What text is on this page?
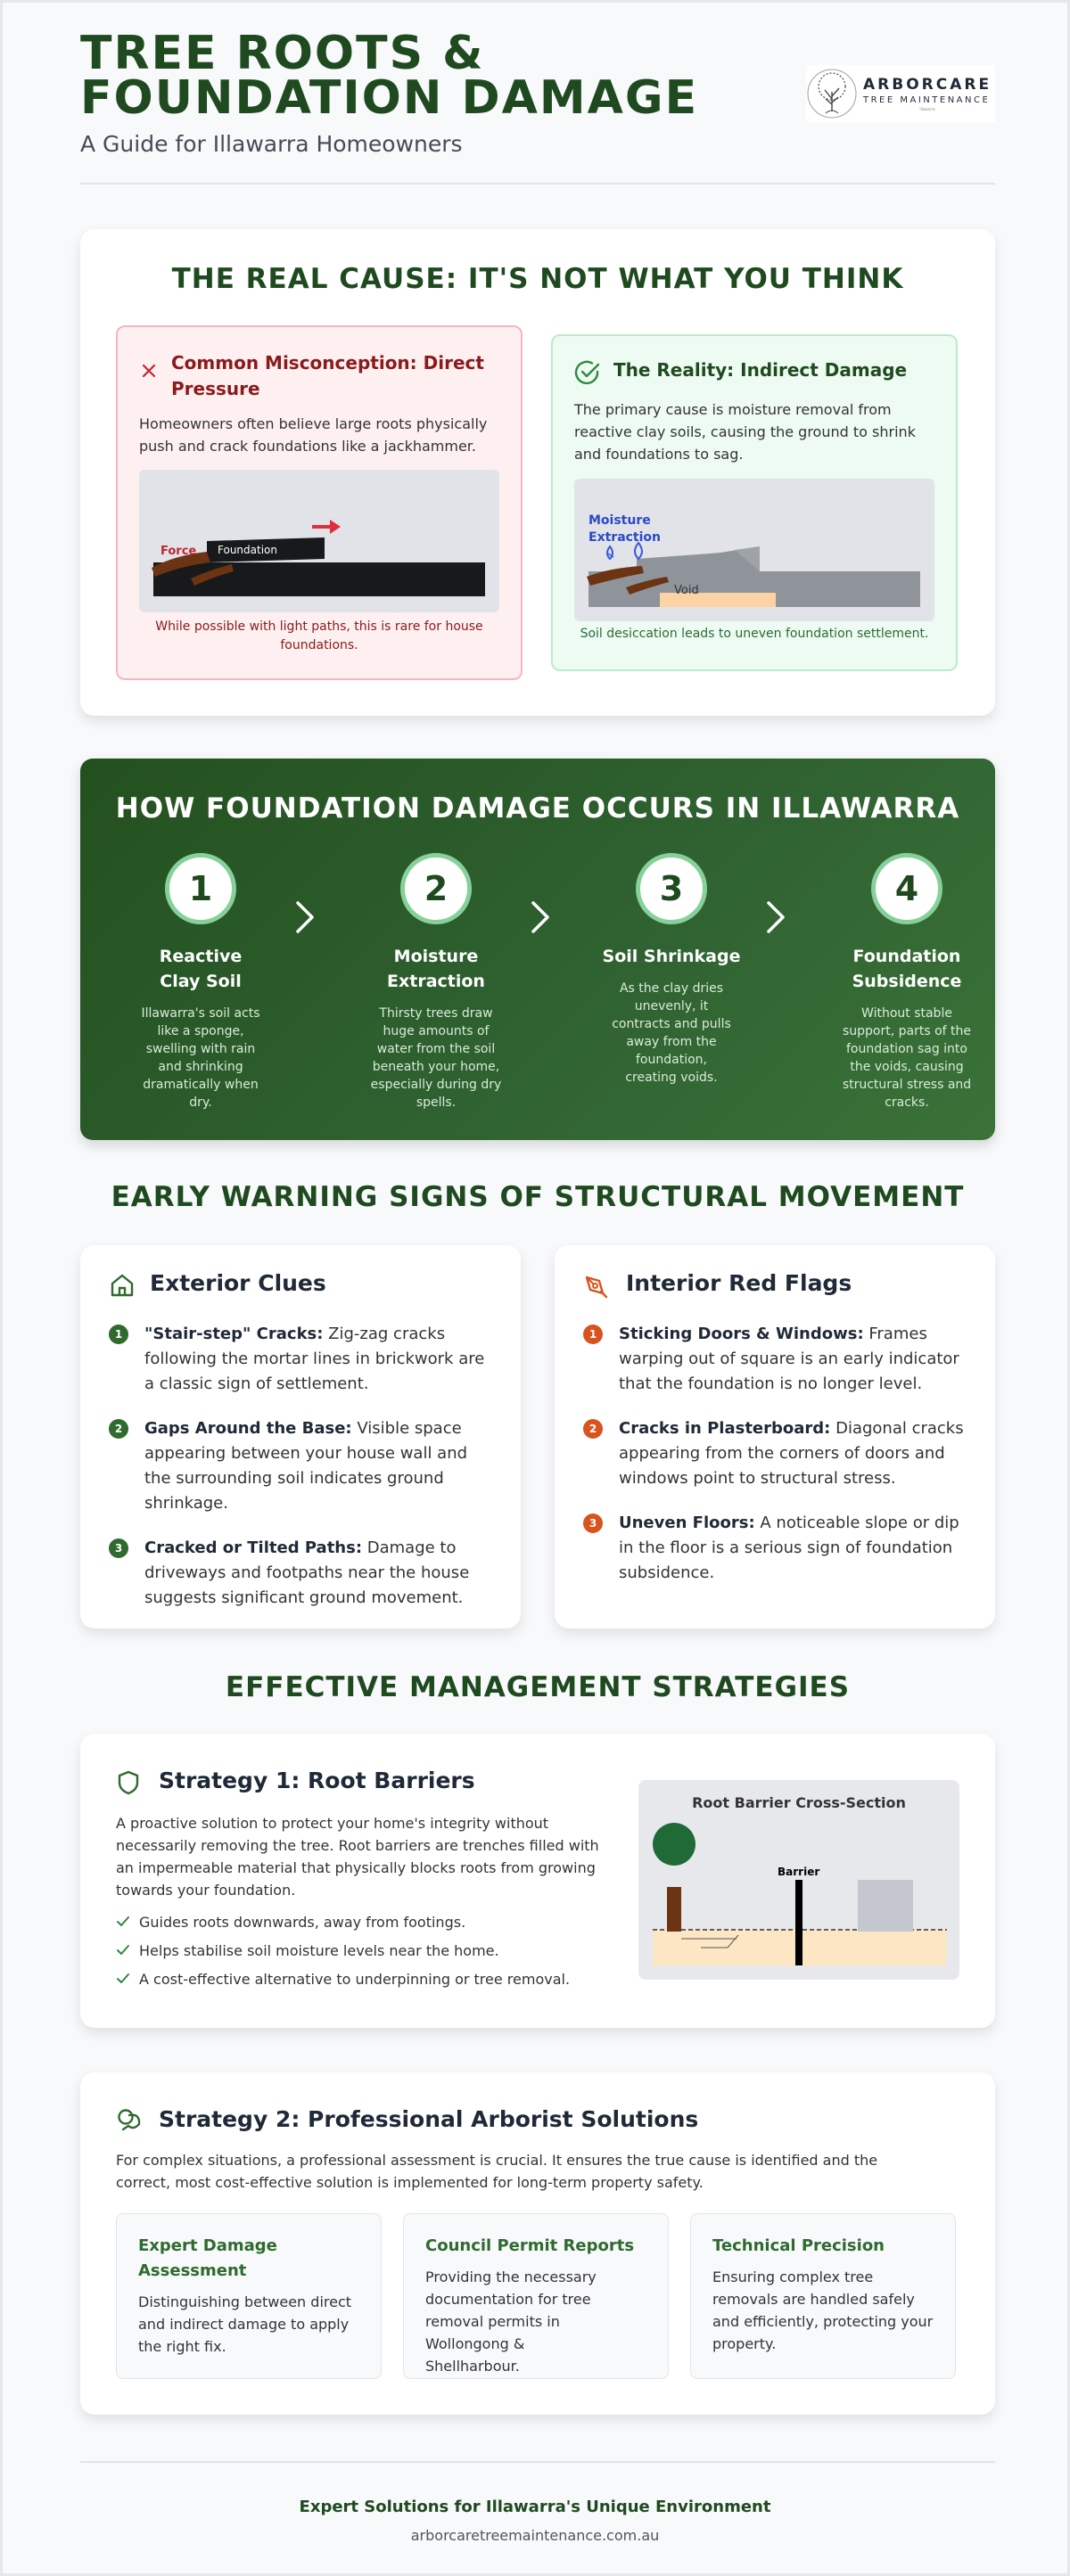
TREE ROOTS &
FOUNDATION DAMAGE
A Guide for Illawarra Homeowners
ARBORCARE
TREE MAINTENANCE
Illawarra
THE REAL CAUSE: IT'S NOT WHAT YOU THINK
Common Misconception: Direct Pressure
Homeowners often believe large roots physically push and crack foundations like a jackhammer.
Force Foundation
While possible with light paths, this is rare for house foundations.
The Reality: Indirect Damage
The primary cause is moisture removal from reactive clay soils, causing the ground to shrink and foundations to sag.
Moisture Extraction
Void
Soil desiccation leads to uneven foundation settlement.
HOW FOUNDATION DAMAGE OCCURS IN ILLAWARRA
1
Reactive Clay Soil
Illawarra's soil acts like a sponge, swelling with rain and shrinking dramatically when dry.
2
Moisture Extraction
Thirsty trees draw huge amounts of water from the soil beneath your home, especially during dry spells.
3
Soil Shrinkage
As the clay dries unevenly, it contracts and pulls away from the foundation, creating voids.
4
Foundation Subsidence
Without stable support, parts of the foundation sag into the voids, causing structural stress and cracks.
EARLY WARNING SIGNS OF STRUCTURAL MOVEMENT
Exterior Clues
1	"Stair-step" Cracks: Zig-zag cracks following the mortar lines in brickwork are a classic sign of settlement.
2	Gaps Around the Base: Visible space appearing between your house wall and the surrounding soil indicates ground shrinkage.
3	Cracked or Tilted Paths: Damage to driveways and footpaths near the house suggests significant ground movement.
Interior Red Flags
1	Sticking Doors & Windows: Frames warping out of square is an early indicator that the foundation is no longer level.
2	Cracks in Plasterboard: Diagonal cracks appearing from the corners of doors and windows point to structural stress.
3	Uneven Floors: A noticeable slope or dip in the floor is a serious sign of foundation subsidence.
EFFECTIVE MANAGEMENT STRATEGIES
Strategy 1: Root Barriers
A proactive solution to protect your home's integrity without necessarily removing the tree. Root barriers are trenches filled with an impermeable material that physically blocks roots from growing towards your foundation.
Guides roots downwards, away from footings.
Helps stabilise soil moisture levels near the home.
A cost-effective alternative to underpinning or tree removal.
Root Barrier Cross-Section
Barrier
Strategy 2: Professional Arborist Solutions
For complex situations, a professional assessment is crucial. It ensures the true cause is identified and the correct, most cost-effective solution is implemented for long-term property safety.
Expert Damage Assessment
Distinguishing between direct and indirect damage to apply the right fix.
Council Permit Reports
Providing the necessary documentation for tree removal permits in Wollongong & Shellharbour.
Technical Precision
Ensuring complex tree removals are handled safely and efficiently, protecting your property.
Expert Solutions for Illawarra's Unique Environment
arborcaretreemaintenance.com.au
